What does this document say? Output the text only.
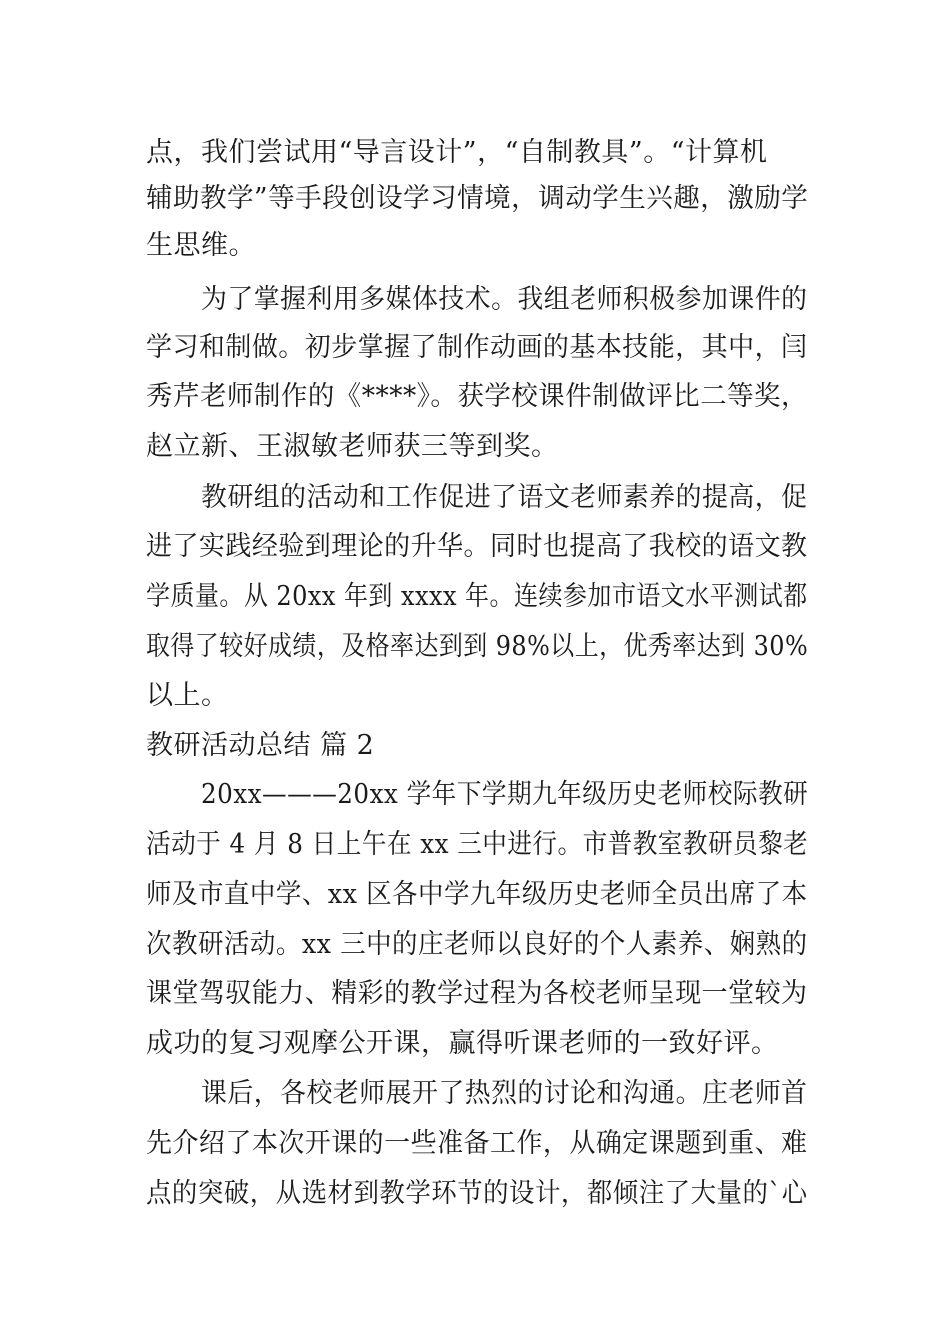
点，我们尝试用“导言设计”，“自制教具”。“计算机
辅助教学”等手段创设学习情境，调动学生兴趣，激励学
生思维。
为了掌握利用多媒体技术。我组老师积极参加课件的
学习和制做。初步掌握了制作动画的基本技能，其中，闫
秀芹老师制作的《****》。获学校课件制做评比二等奖，
赵立新、王淑敏老师获三等到奖。
教研组的活动和工作促进了语文老师素养的提高，促
进了实践经验到理论的升华。同时也提高了我校的语文教
学质量。从 20xx 年到 xxxx 年。连续参加市语文水平测试都
取得了较好成绩，及格率达到到 98%以上，优秀率达到 30%
以上。
教研活动总结 篇 2
20xx———20xx 学年下学期九年级历史老师校际教研
活动于 4 月 8 日上午在 xx 三中进行。市普教室教研员黎老
师及市直中学、xx 区各中学九年级历史老师全员出席了本
次教研活动。xx 三中的庄老师以良好的个人素养、娴熟的
课堂驾驭能力、精彩的教学过程为各校老师呈现一堂较为
成功的复习观摩公开课，赢得听课老师的一致好评。
课后，各校老师展开了热烈的讨论和沟通。庄老师首
先介绍了本次开课的一些准备工作，从确定课题到重、难
点的突破，从选材到教学环节的设计，都倾注了大量的`心
